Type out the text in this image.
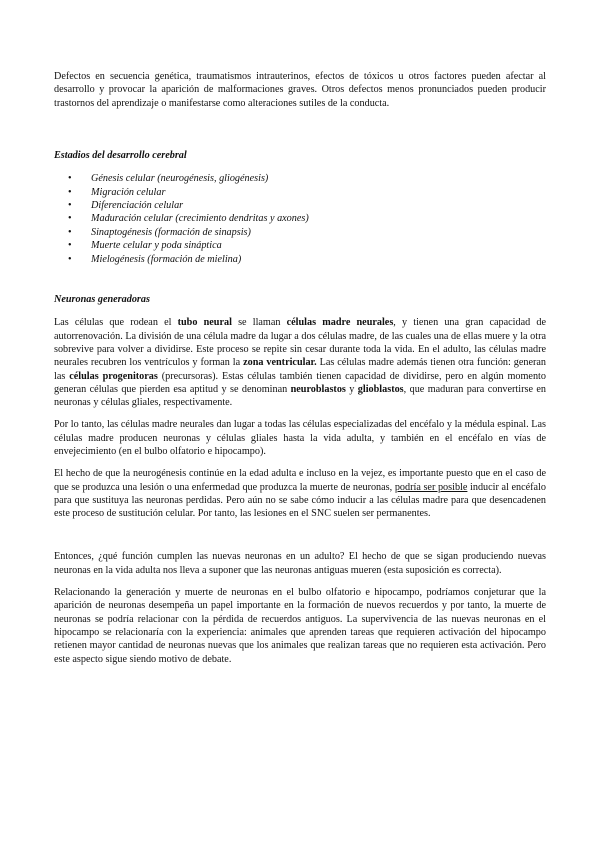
Defectos en secuencia genética, traumatismos intrauterinos, efectos de tóxicos u otros factores pueden afectar al desarrollo y provocar la aparición de malformaciones graves. Otros defectos menos pronunciados pueden producir trastornos del aprendizaje o manifestarse como alteraciones sutiles de la conducta.

Estadios del desarrollo cerebral

• Génesis celular (neurogénesis, gliogénesis)
• Migración celular
• Diferenciación celular
• Maduración celular (crecimiento dendritas y axones)
• Sinaptogénesis (formación de sinapsis)
• Muerte celular y poda sináptica
• Mielogénesis (formación de mielina)

Neuronas generadoras

Las células que rodean el tubo neural se llaman células madre neurales, y tienen una gran capacidad de autorrenovación. La división de una célula madre da lugar a dos células madre, de las cuales una de ellas muere y la otra sobrevive para volver a dividirse. Este proceso se repite sin cesar durante toda la vida. En el adulto, las células madre neurales recubren los ventrículos y forman la zona ventricular. Las células madre además tienen otra función: generan las células progenitoras (precursoras). Estas células también tienen capacidad de dividirse, pero en algún momento generan células que pierden esa aptitud y se denominan neuroblastos y glioblastos, que maduran para convertirse en neuronas y células gliales, respectivamente.

Por lo tanto, las células madre neurales dan lugar a todas las células especializadas del encéfalo y la médula espinal. Las células madre producen neuronas y células gliales hasta la vida adulta, y también en el encéfalo en vías de envejecimiento (en el bulbo olfatorio e hipocampo).

El hecho de que la neurogénesis continúe en la edad adulta e incluso en la vejez, es importante puesto que en el caso de que se produzca una lesión o una enfermedad que produzca la muerte de neuronas, podría ser posible inducir al encéfalo para que sustituya las neuronas perdidas. Pero aún no se sabe cómo inducir a las células madre para que desencadenen este proceso de sustitución celular. Por tanto, las lesiones en el SNC suelen ser permanentes.

Entonces, ¿qué función cumplen las nuevas neuronas en un adulto? El hecho de que se sigan produciendo nuevas neuronas en la vida adulta nos lleva a suponer que las neuronas antiguas mueren (esta suposición es correcta).

Relacionando la generación y muerte de neuronas en el bulbo olfatorio e hipocampo, podríamos conjeturar que la aparición de neuronas desempeña un papel importante en la formación de nuevos recuerdos y por tanto, la muerte de neuronas se podría relacionar con la pérdida de recuerdos antiguos. La supervivencia de las nuevas neuronas en el hipocampo se relacionaría con la experiencia: animales que aprenden tareas que requieren activación del hipocampo retienen mayor cantidad de neuronas nuevas que los animales que realizan tareas que no requieren esta activación. Pero este aspecto sigue siendo motivo de debate.
